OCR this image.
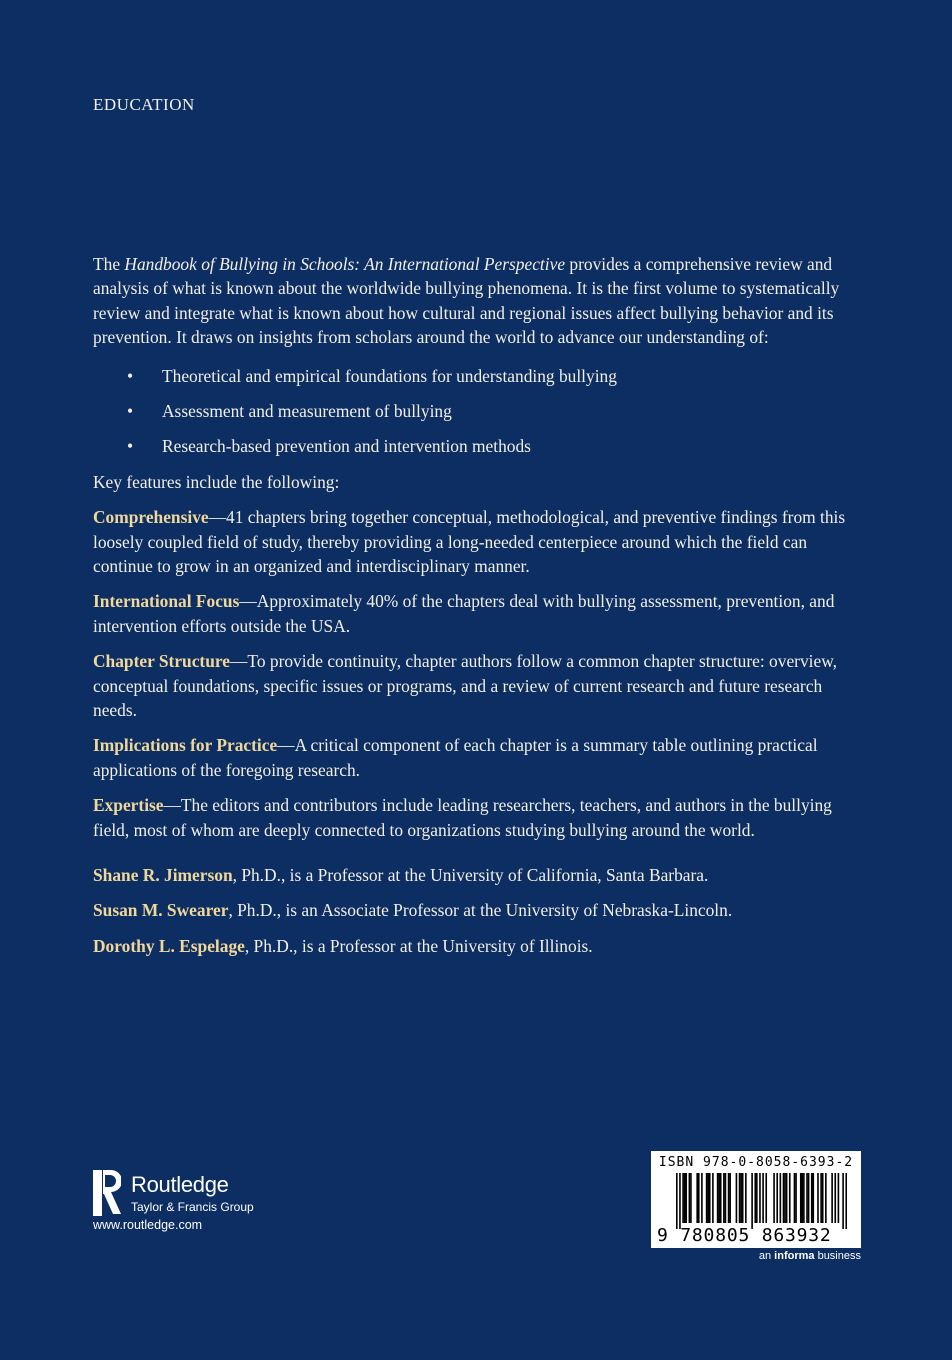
EDUCATION

The Handbook of Bullying in Schools: An International Perspective provides a comprehensive review and analysis of what is known about the worldwide bullying phenomena. It is the first volume to systematically review and integrate what is known about how cultural and regional issues affect bullying behavior and its prevention. It draws on insights from scholars around the world to advance our understanding of:

• Theoretical and empirical foundations for understanding bullying
• Assessment and measurement of bullying
• Research-based prevention and intervention methods

Key features include the following:

Comprehensive—41 chapters bring together conceptual, methodological, and preventive findings from this loosely coupled field of study, thereby providing a long-needed centerpiece around which the field can continue to grow in an organized and interdisciplinary manner.

International Focus—Approximately 40% of the chapters deal with bullying assessment, prevention, and intervention efforts outside the USA.

Chapter Structure—To provide continuity, chapter authors follow a common chapter structure: overview, conceptual foundations, specific issues or programs, and a review of current research and future research needs.

Implications for Practice—A critical component of each chapter is a summary table outlining practical applications of the foregoing research.

Expertise—The editors and contributors include leading researchers, teachers, and authors in the bullying field, most of whom are deeply connected to organizations studying bullying around the world.

Shane R. Jimerson, Ph.D., is a Professor at the University of California, Santa Barbara.

Susan M. Swearer, Ph.D., is an Associate Professor at the University of Nebraska-Lincoln.

Dorothy L. Espelage, Ph.D., is a Professor at the University of Illinois.

Routledge
Taylor & Francis Group
www.routledge.com
ISBN 978-0-8058-6393-2
9 780805 863932
an informa business
